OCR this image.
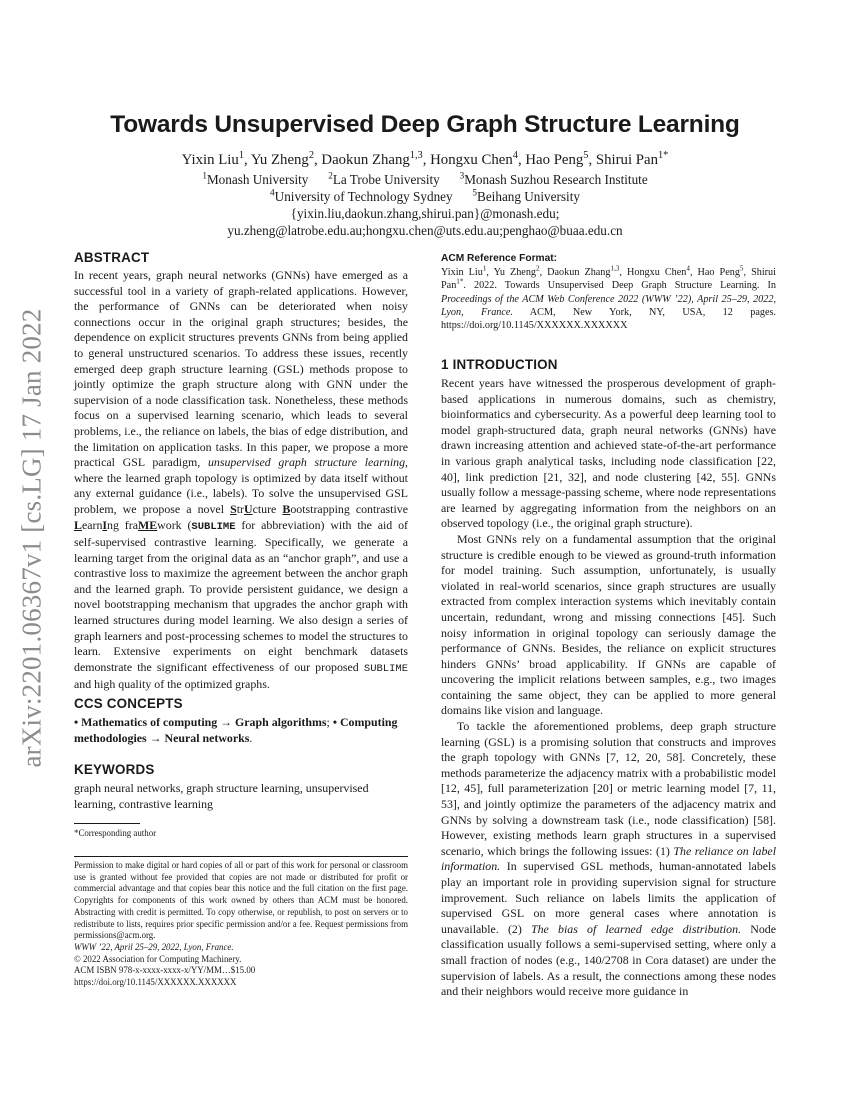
arXiv:2201.06367v1 [cs.LG] 17 Jan 2022
Towards Unsupervised Deep Graph Structure Learning
Yixin Liu$^1$, Yu Zheng$^2$, Daokun Zhang$^{1,3}$, Hongxu Chen$^4$, Hao Peng$^5$, Shirui Pan$^{1*}$
$^1$Monash University   $^2$La Trobe University   $^3$Monash Suzhou Research Institute
$^4$University of Technology Sydney   $^5$Beihang University
{yixin.liu,daokun.zhang,shirui.pan}@monash.edu;
yu.zheng@latrobe.edu.au;hongxu.chen@uts.edu.au;penghao@buaa.edu.cn
ABSTRACT

In recent years, graph neural networks (GNNs) have emerged as a successful tool in a variety of graph-related applications. However, the performance of GNNs can be deteriorated when noisy connections occur in the original graph structures; besides, the dependence on explicit structures prevents GNNs from being applied to general unstructured scenarios. To address these issues, recently emerged deep graph structure learning (GSL) methods propose to jointly optimize the graph structure along with GNN under the supervision of a node classification task. Nonetheless, these methods focus on a supervised learning scenario, which leads to several problems, i.e., the reliance on labels, the bias of edge distribution, and the limitation on application tasks. In this paper, we propose a more practical GSL paradigm, unsupervised graph structure learning, where the learned graph topology is optimized by data itself without any external guidance (i.e., labels). To solve the unsupervised GSL problem, we propose a novel StrUcture Bootstrapping contrastive LearnIng fraMEwork (SUBLIME for abbreviation) with the aid of self-supervised contrastive learning. Specifically, we generate a learning target from the original data as an “anchor graph”, and use a contrastive loss to maximize the agreement between the anchor graph and the learned graph. To provide persistent guidance, we design a novel bootstrapping mechanism that upgrades the anchor graph with learned structures during model learning. We also design a series of graph learners and post-processing schemes to model the structures to learn. Extensive experiments on eight benchmark datasets demonstrate the significant effectiveness of our proposed SUBLIME and high quality of the optimized graphs.

CCS CONCEPTS
• Mathematics of computing → Graph algorithms; • Computing methodologies → Neural networks.
KEYWORDS
graph neural networks, graph structure learning, unsupervised learning, contrastive learning
*Corresponding author

Permission to make digital or hard copies of all or part of this work for personal or classroom use is granted without fee provided that copies are not made or distributed for profit or commercial advantage and that copies bear this notice and the full citation on the first page. Copyrights for components of this work owned by others than ACM must be honored. Abstracting with credit is permitted. To copy otherwise, or republish, to post on servers or to redistribute to lists, requires prior specific permission and/or a fee. Request permissions from permissions@acm.org.

WWW ’22, April 25–29, 2022, Lyon, France.

© 2022 Association for Computing Machinery.

ACM ISBN 978-x-xxxx-xxxx-x/YY/MM…$15.00

https://doi.org/10.1145/XXXXXX.XXXXXX

ACM Reference Format:
Yixin Liu$^1$, Yu Zheng$^2$, Daokun Zhang$^{1,3}$, Hongxu Chen$^4$, Hao Peng$^5$, Shirui Pan$^{1*}$. 2022. Towards Unsupervised Deep Graph Structure Learning. In Proceedings of the ACM Web Conference 2022 (WWW ’22), April 25–29, 2022, Lyon, France. ACM, New York, NY, USA, 12 pages. https://doi.org/10.1145/XXXXXX.XXXXXX
1 INTRODUCTION

Recent years have witnessed the prosperous development of graph-based applications in numerous domains, such as chemistry, bioinformatics and cybersecurity. As a powerful deep learning tool to model graph-structured data, graph neural networks (GNNs) have drawn increasing attention and achieved state-of-the-art performance in various graph analytical tasks, including node classification [22, 40], link prediction [21, 32], and node clustering [42, 55]. GNNs usually follow a message-passing scheme, where node representations are learned by aggregating information from the neighbors on an observed topology (i.e., the original graph structure).

Most GNNs rely on a fundamental assumption that the original structure is credible enough to be viewed as ground-truth information for model training. Such assumption, unfortunately, is usually violated in real-world scenarios, since graph structures are usually extracted from complex interaction systems which inevitably contain uncertain, redundant, wrong and missing connections [45]. Such noisy information in original topology can seriously damage the performance of GNNs. Besides, the reliance on explicit structures hinders GNNs’ broad applicability. If GNNs are capable of uncovering the implicit relations between samples, e.g., two images containing the same object, they can be applied to more general domains like vision and language.

To tackle the aforementioned problems, deep graph structure learning (GSL) is a promising solution that constructs and improves the graph topology with GNNs [7, 12, 20, 58]. Concretely, these methods parameterize the adjacency matrix with a probabilistic model [12, 45], full parameterization [20] or metric learning model [7, 11, 53], and jointly optimize the parameters of the adjacency matrix and GNNs by solving a downstream task (i.e., node classification) [58]. However, existing methods learn graph structures in a supervised scenario, which brings the following issues: (1) The reliance on label information. In supervised GSL methods, human-annotated labels play an important role in providing supervision signal for structure improvement. Such reliance on labels limits the application of supervised GSL on more general cases where annotation is unavailable. (2) The bias of learned edge distribution. Node classification usually follows a semi-supervised setting, where only a small fraction of nodes (e.g., 140/2708 in Cora dataset) are under the supervision of labels. As a result, the connections among these nodes and their neighbors would receive more guidance in
